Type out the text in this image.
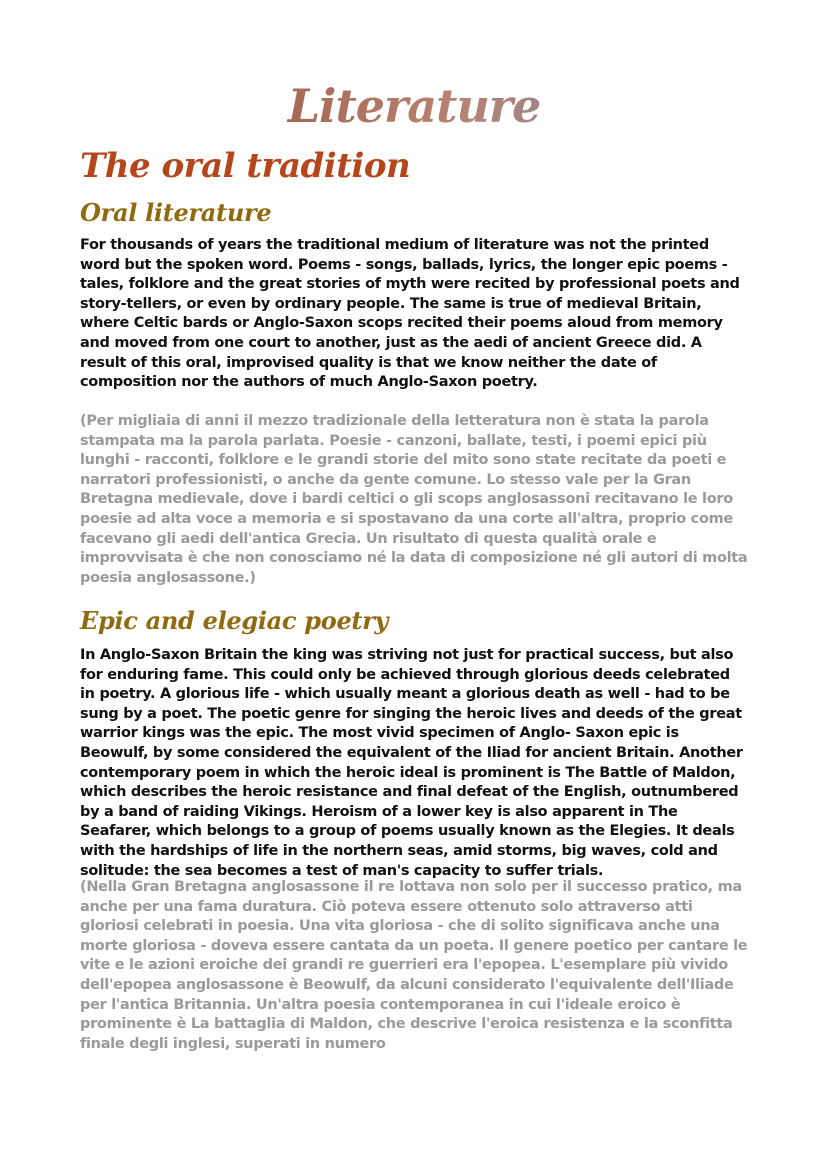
Literature
The oral tradition
Oral literature

For thousands of years the traditional medium of literature was not the printed word but the spoken word. Poems - songs, ballads, lyrics, the longer epic poems - tales, folklore and the great stories of myth were recited by professional poets and story-tellers, or even by ordinary people. The same is true of medieval Britain, where Celtic bards or Anglo-Saxon scops recited their poems aloud from memory and moved from one court to another, just as the aedi of ancient Greece did. A result of this oral, improvised quality is that we know neither the date of composition nor the authors of much Anglo-Saxon poetry.

(Per migliaia di anni il mezzo tradizionale della letteratura non è stata la parola stampata ma la parola parlata. Poesie - canzoni, ballate, testi, i poemi epici più lunghi - racconti, folklore e le grandi storie del mito sono state recitate da poeti e narratori professionisti, o anche da gente comune. Lo stesso vale per la Gran Bretagna medievale, dove i bardi celtici o gli scops anglosassoni recitavano le loro poesie ad alta voce a memoria e si spostavano da una corte all'altra, proprio come facevano gli aedi dell'antica Grecia. Un risultato di questa qualità orale e improvvisata è che non conosciamo né la data di composizione né gli autori di molta poesia anglosassone.)

Epic and elegiac poetry

In Anglo-Saxon Britain the king was striving not just for practical success, but also for enduring fame. This could only be achieved through glorious deeds celebrated in poetry. A glorious life - which usually meant a glorious death as well - had to be sung by a poet. The poetic genre for singing the heroic lives and deeds of the great warrior kings was the epic. The most vivid specimen of Anglo- Saxon epic is Beowulf, by some considered the equivalent of the Iliad for ancient Britain. Another contemporary poem in which the heroic ideal is prominent is The Battle of Maldon, which describes the heroic resistance and final defeat of the English, outnumbered by a band of raiding Vikings. Heroism of a lower key is also apparent in The Seafarer, which belongs to a group of poems usually known as the Elegies. It deals with the hardships of life in the northern seas, amid storms, big waves, cold and solitude: the sea becomes a test of man's capacity to suffer trials.

(Nella Gran Bretagna anglosassone il re lottava non solo per il successo pratico, ma anche per una fama duratura. Ciò poteva essere ottenuto solo attraverso atti gloriosi celebrati in poesia. Una vita gloriosa - che di solito significava anche una morte gloriosa - doveva essere cantata da un poeta. Il genere poetico per cantare le vite e le azioni eroiche dei grandi re guerrieri era l'epopea. L'esemplare più vivido dell'epopea anglosassone è Beowulf, da alcuni considerato l'equivalente dell'Iliade per l'antica Britannia. Un'altra poesia contemporanea in cui l'ideale eroico è prominente è La battaglia di Maldon, che descrive l'eroica resistenza e la sconfitta finale degli inglesi, superati in numero
